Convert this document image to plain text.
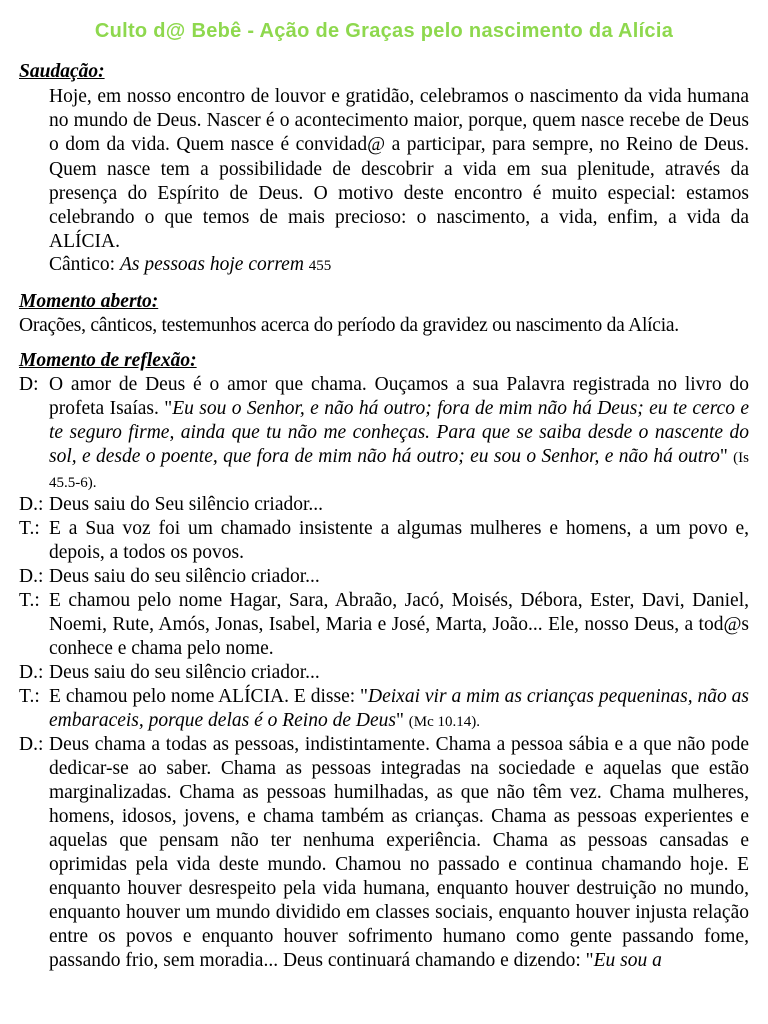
Culto d@ Bebê - Ação de Graças pelo nascimento da Alícia
Saudação:
Hoje, em nosso encontro de louvor e gratidão, celebramos o nascimento da vida humana no mundo de Deus. Nascer é o acontecimento maior, porque, quem nasce recebe de Deus o dom da vida. Quem nasce é convidad@ a participar, para sempre, no Reino de Deus. Quem nasce tem a possibilidade de descobrir a vida em sua plenitude, através da presença do Espírito de Deus. O motivo deste encontro é muito especial: estamos celebrando o que temos de mais precioso: o nascimento, a vida, enfim, a vida da ALÍCIA.
Cântico: As pessoas hoje correm 455
Momento aberto:
Orações, cânticos, testemunhos acerca do período da gravidez ou nascimento da Alícia.
Momento de reflexão:
D: O amor de Deus é o amor que chama. Ouçamos a sua Palavra registrada no livro do profeta Isaías. "Eu sou o Senhor, e não há outro; fora de mim não há Deus; eu te cerco e te seguro firme, ainda que tu não me conheças. Para que se saiba desde o nascente do sol, e desde o poente, que fora de mim não há outro; eu sou o Senhor, e não há outro" (Is 45.5-6).
D.: Deus saiu do Seu silêncio criador...
T.: E a Sua voz foi um chamado insistente a algumas mulheres e homens, a um povo e, depois, a todos os povos.
D.: Deus saiu do seu silêncio criador...
T.: E chamou pelo nome Hagar, Sara, Abraão, Jacó, Moisés, Débora, Ester, Davi, Daniel, Noemi, Rute, Amós, Jonas, Isabel, Maria e José, Marta, João... Ele, nosso Deus, a tod@s conhece e chama pelo nome.
D.: Deus saiu do seu silêncio criador...
T.: E chamou pelo nome ALÍCIA. E disse: "Deixai vir a mim as crianças pequeninas, não as embaraceis, porque delas é o Reino de Deus" (Mc 10.14).
D.: Deus chama a todas as pessoas, indistintamente. Chama a pessoa sábia e a que não pode dedicar-se ao saber. Chama as pessoas integradas na sociedade e aquelas que estão marginalizadas. Chama as pessoas humilhadas, as que não têm vez. Chama mulheres, homens, idosos, jovens, e chama também as crianças. Chama as pessoas experientes e aquelas que pensam não ter nenhuma experiência. Chama as pessoas cansadas e oprimidas pela vida deste mundo. Chamou no passado e continua chamando hoje. E enquanto houver desrespeito pela vida humana, enquanto houver destruição no mundo, enquanto houver um mundo dividido em classes sociais, enquanto houver injusta relação entre os povos e enquanto houver sofrimento humano como gente passando fome, passando frio, sem moradia... Deus continuará chamando e dizendo: "Eu sou a
